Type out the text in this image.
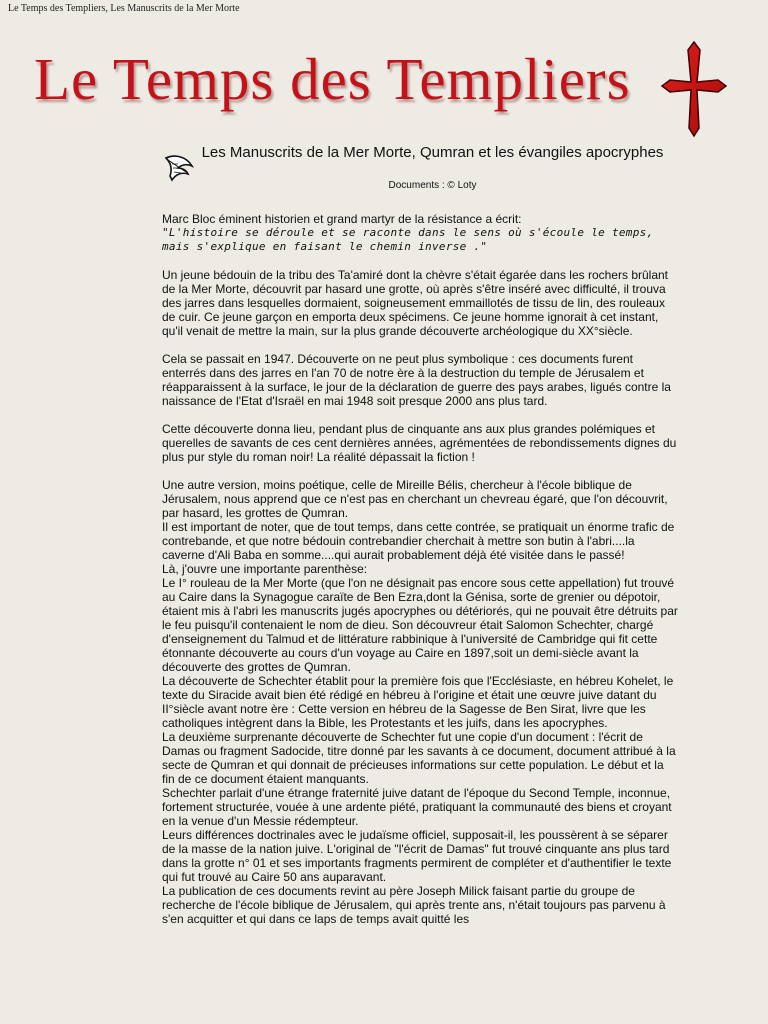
Le Temps des Templiers, Les Manuscrits de la Mer Morte
Le Temps des Templiers
Les Manuscrits de la Mer Morte, Qumran et les évangiles apocryphes
Documents : © Loty

Marc Bloc éminent historien et grand martyr de la résistance a écrit:

"L'histoire se déroule et se raconte dans le sens où s'écoule le temps, mais s'explique en faisant le chemin inverse ."

Un jeune bédouin de la tribu des Ta'amiré dont la chèvre s'était égarée dans les rochers brûlant de la Mer Morte, découvrit par hasard une grotte, où après s'être inséré avec difficulté, il trouva des jarres dans lesquelles dormaient, soigneusement emmaillotés de tissu de lin, des rouleaux de cuir. Ce jeune garçon en emporta deux spécimens. Ce jeune homme ignorait à cet instant, qu'il venait de mettre la main, sur la plus grande découverte archéologique du XX°siècle.

Cela se passait en 1947. Découverte on ne peut plus symbolique : ces documents furent enterrés dans des jarres en l'an 70 de notre ère à la destruction du temple de Jérusalem et réapparaissent à la surface, le jour de la déclaration de guerre des pays arabes, ligués contre la naissance de l'Etat d'Israël en mai 1948 soit presque 2000 ans plus tard.

Cette découverte donna lieu, pendant plus de cinquante ans aux plus grandes polémiques et querelles de savants de ces cent dernières années, agrémentées de rebondissements dignes du plus pur style du roman noir! La réalité dépassait la fiction !

Une autre version, moins poétique, celle de Mireille Bélis, chercheur à l'école biblique de Jérusalem, nous apprend que ce n'est pas en cherchant un chevreau égaré, que l'on découvrit, par hasard, les grottes de Qumran.

Il est important de noter, que de tout temps, dans cette contrée, se pratiquait un énorme trafic de contrebande, et que notre bédouin contrebandier cherchait à mettre son butin à l'abri....la caverne d'Ali Baba en somme....qui aurait probablement déjà été visitée dans le passé!

Là, j'ouvre une importante parenthèse:

Le I° rouleau de la Mer Morte (que l'on ne désignait pas encore sous cette appellation) fut trouvé au Caire dans la Synagogue caraïte de Ben Ezra,dont la Génisa, sorte de grenier ou dépotoir, étaient mis à l'abri les manuscrits jugés apocryphes ou détériorés, qui ne pouvait être détruits par le feu puisqu'il contenaient le nom de dieu. Son découvreur était Salomon Schechter, chargé d'enseignement du Talmud et de littérature rabbinique à l'université de Cambridge qui fit cette étonnante découverte au cours d'un voyage au Caire en 1897,soit un demi-siècle avant la découverte des grottes de Qumran.

La découverte de Schechter établit pour la première fois que l'Ecclésiaste, en hébreu Kohelet, le texte du Siracide avait bien été rédigé en hébreu à l'origine et était une œuvre juive datant du II°siècle avant notre ère : Cette version en hébreu de la Sagesse de Ben Sirat, livre que les catholiques intègrent dans la Bible, les Protestants et les juifs, dans les apocryphes.

La deuxième surprenante découverte de Schechter fut une copie d'un document : l'écrit de Damas ou fragment Sadocide, titre donné par les savants à ce document, document attribué à la secte de Qumran et qui donnait de précieuses informations sur cette population. Le début et la fin de ce document étaient manquants.

Schechter parlait d'une étrange fraternité juive datant de l'époque du Second Temple, inconnue, fortement structurée, vouée à une ardente piété, pratiquant la communauté des biens et croyant en la venue d'un Messie rédempteur.

Leurs différences doctrinales avec le judaïsme officiel, supposait-il, les poussèrent à se séparer de la masse de la nation juive. L'original de "l'écrit de Damas" fut trouvé cinquante ans plus tard dans la grotte n° 01 et ses importants fragments permirent de compléter et d'authentifier le texte qui fut trouvé au Caire 50 ans auparavant.

La publication de ces documents revint au père Joseph Milick faisant partie du groupe de recherche de l'école biblique de Jérusalem, qui après trente ans, n'était toujours pas parvenu à s'en acquitter et qui dans ce laps de temps avait quitté les
